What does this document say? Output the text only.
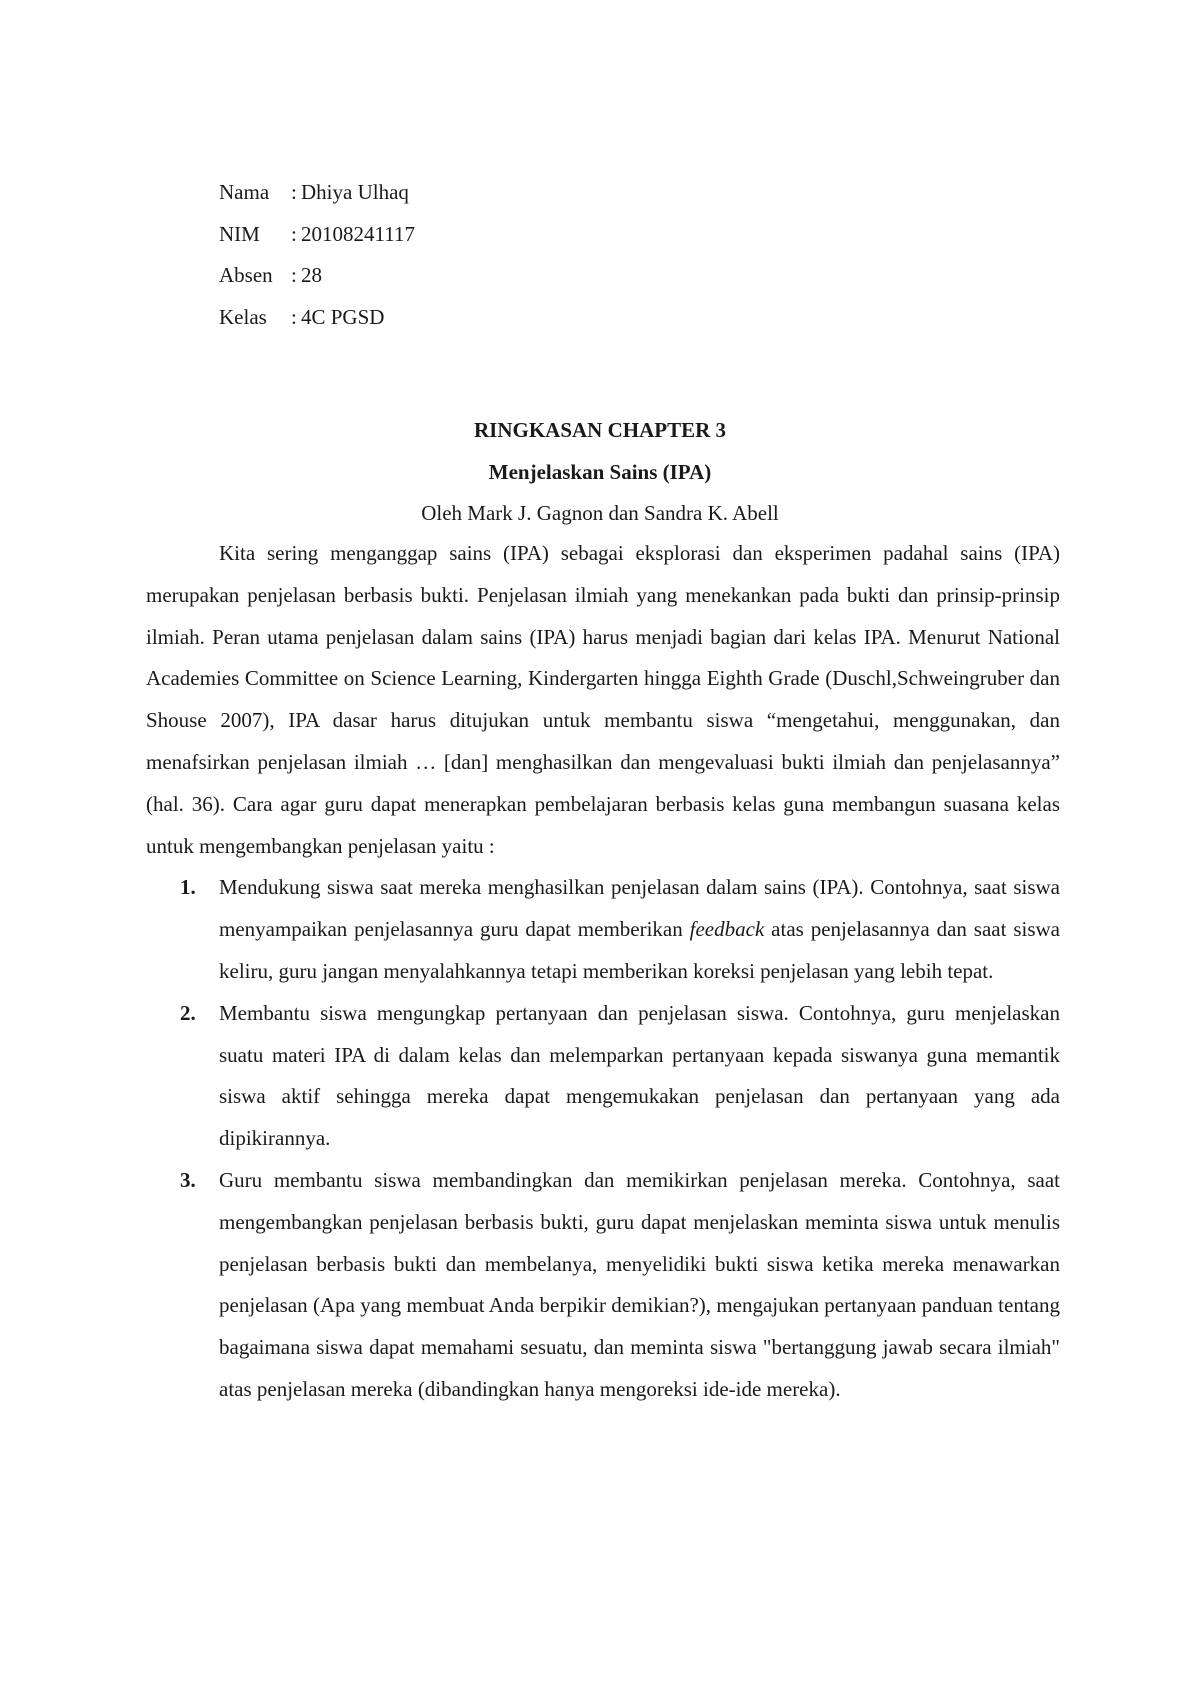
Nama	: Dhiya Ulhaq
NIM	: 20108241117
Absen : 28
Kelas	: 4C PGSD
RINGKASAN CHAPTER 3
Menjelaskan Sains (IPA)
Oleh Mark J. Gagnon dan Sandra K. Abell

Kita sering menganggap sains (IPA) sebagai eksplorasi dan eksperimen padahal sains (IPA) merupakan penjelasan berbasis bukti. Penjelasan ilmiah yang menekankan pada bukti dan prinsip-prinsip ilmiah. Peran utama penjelasan dalam sains (IPA) harus menjadi bagian dari kelas IPA. Menurut National Academies Committee on Science Learning, Kindergarten hingga Eighth Grade (Duschl,Schweingruber dan Shouse 2007), IPA dasar harus ditujukan untuk membantu siswa “mengetahui, menggunakan, dan menafsirkan penjelasan ilmiah … [dan] menghasilkan dan mengevaluasi bukti ilmiah dan penjelasannya” (hal. 36). Cara agar guru dapat menerapkan pembelajaran berbasis kelas guna membangun suasana kelas untuk mengembangkan penjelasan yaitu :

1. Mendukung siswa saat mereka menghasilkan penjelasan dalam sains (IPA). Contohnya, saat siswa menyampaikan penjelasannya guru dapat memberikan feedback atas penjelasannya dan saat siswa keliru, guru jangan menyalahkannya tetapi memberikan koreksi penjelasan yang lebih tepat.
2. Membantu siswa mengungkap pertanyaan dan penjelasan siswa. Contohnya, guru menjelaskan suatu materi IPA di dalam kelas dan melemparkan pertanyaan kepada siswanya guna memantik siswa aktif sehingga mereka dapat mengemukakan penjelasan dan pertanyaan yang ada dipikirannya.
3. Guru membantu siswa membandingkan dan memikirkan penjelasan mereka. Contohnya, saat mengembangkan penjelasan berbasis bukti, guru dapat menjelaskan meminta siswa untuk menulis penjelasan berbasis bukti dan membelanya, menyelidiki bukti siswa ketika mereka menawarkan penjelasan (Apa yang membuat Anda berpikir demikian?), mengajukan pertanyaan panduan tentang bagaimana siswa dapat memahami sesuatu, dan meminta siswa "bertanggung jawab secara ilmiah" atas penjelasan mereka (dibandingkan hanya mengoreksi ide-ide mereka).
